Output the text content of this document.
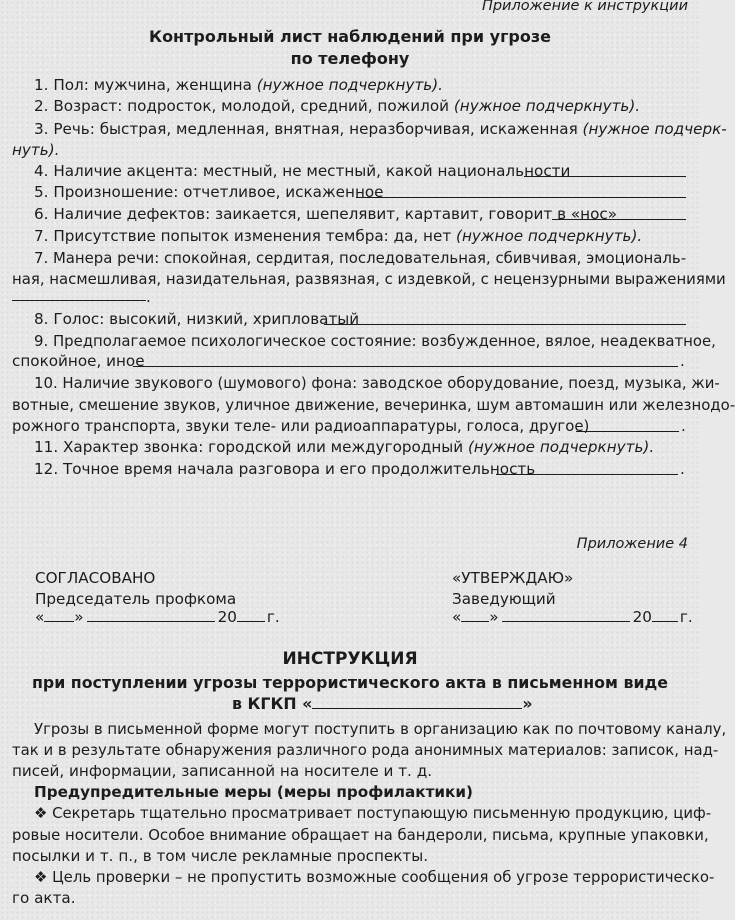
Приложение к инструкции
Контрольный лист наблюдений при угрозе
по телефону
1. Пол: мужчина, женщина (нужное подчеркнуть).
2. Возраст: подросток, молодой, средний, пожилой (нужное подчеркнуть).
3. Речь: быстрая, медленная, внятная, неразборчивая, искаженная (нужное подчерк-
нуть).
4. Наличие акцента: местный, не местный, какой национальности
5. Произношение: отчетливое, искаженное
6. Наличие дефектов: заикается, шепелявит, картавит, говорит в «нос»
7. Присутствие попыток изменения тембра: да, нет (нужное подчеркнуть).
7. Манера речи: спокойная, сердитая, последовательная, сбивчивая, эмоциональ-
ная, насмешливая, назидательная, развязная, с издевкой, с нецензурными выражениями
.
8. Голос: высокий, низкий, хрипловатый
9. Предполагаемое психологическое состояние: возбужденное, вялое, неадекватное,
спокойное, иное	.
10. Наличие звукового (шумового) фона: заводское оборудование, поезд, музыка, жи-
вотные, смешение звуков, уличное движение, вечеринка, шум автомашин или железнодо-
рожного транспорта, звуки теле- или радиоаппаратуры, голоса, другое)	.
11. Характер звонка: городской или междугородный (нужное подчеркнуть).
12. Точное время начала разговора и его продолжительность	.
Приложение 4
СОГЛАСОВАНО
Председатель профкома
« »	20 г.
«УТВЕРЖДАЮ»
Заведующий
« »	20 г.
ИНСТРУКЦИЯ
при поступлении угрозы террористического акта в письменном виде
в КГКП «	»
Угрозы в письменной форме могут поступить в организацию как по почтовому каналу,
так и в результате обнаружения различного рода анонимных материалов: записок, над-
писей, информации, записанной на носителе и т. д.
Предупредительные меры (меры профилактики)
❖ Секретарь тщательно просматривает поступающую письменную продукцию, циф-
ровые носители. Особое внимание обращает на бандероли, письма, крупные упаковки,
посылки и т. п., в том числе рекламные проспекты.
❖ Цель проверки – не пропустить возможные сообщения об угрозе террористическо-
го акта.
